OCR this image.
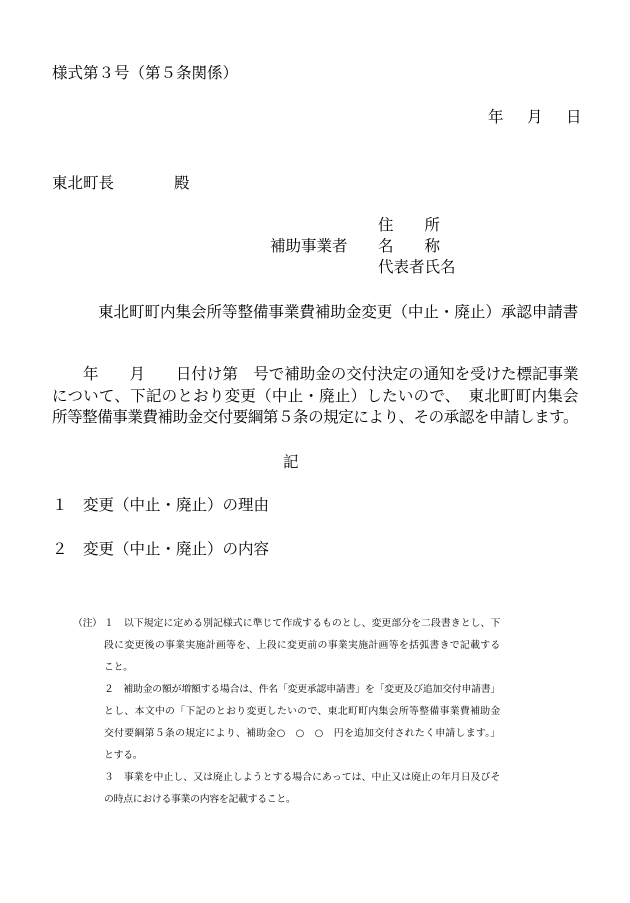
様式第３号（第５条関係）
年 月 日
東北町長	殿
住　　所
補助事業者 名　　称
代表者氏名
東北町町内集会所等整備事業費補助金変更（中止・廃止）承認申請書
年　　月　　日付け第　号で補助金の交付決定の通知を受けた標記事業
について、下記のとおり変更（中止・廃止）したいので、　東北町町内集会
所等整備事業費補助金交付要綱第５条の規定により、その承認を申請します。
記
１　変更（中止・廃止）の理由
２　変更（中止・廃止）の内容
（注） １　以下規定に定める別記様式に準じて作成するものとし、変更部分を二段書きとし、下
段に変更後の事業実施計画等を、上段に変更前の事業実施計画等を括弧書きで記載する
こと。
２　補助金の額が増額する場合は、件名「変更承認申請書」を「変更及び追加交付申請書」
とし、本文中の「下記のとおり変更したいので、東北町町内集会所等整備事業費補助金
交付要綱第５条の規定により、補助金○　○　○　円を追加交付されたく申請します。」
とする。
３　事業を中止し、又は廃止しようとする場合にあっては、中止又は廃止の年月日及びそ
の時点における事業の内容を記載すること。
